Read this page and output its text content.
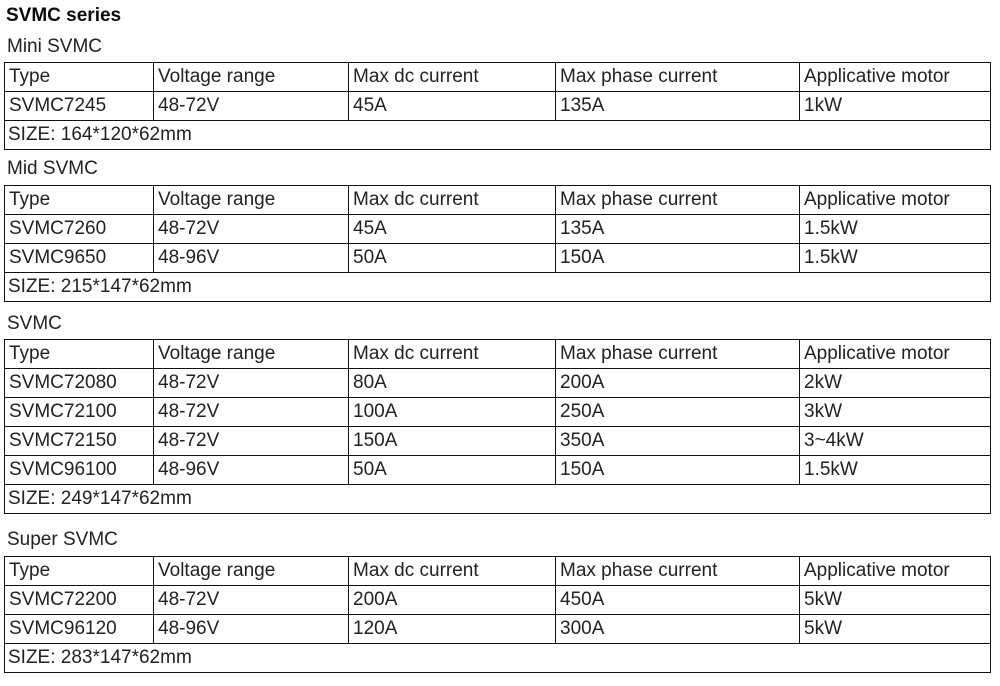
SVMC series
Mini SVMC
Type	Voltage range	Max dc current	Max phase current	Applicative motor
SVMC7245	48-72V	45A	135A	1kW
SIZE: 164*120*62mm				
Mid SVMC
Type	Voltage range	Max dc current	Max phase current	Applicative motor
SVMC7260	48-72V	45A	135A	1.5kW
SVMC9650	48-96V	50A	150A	1.5kW
SIZE: 215*147*62mm				
SVMC
Type	Voltage range	Max dc current	Max phase current	Applicative motor
SVMC72080	48-72V	80A	200A	2kW
SVMC72100	48-72V	100A	250A	3kW
SVMC72150	48-72V	150A	350A	3~4kW
SVMC96100	48-96V	50A	150A	1.5kW
SIZE: 249*147*62mm				
Super SVMC
Type	Voltage range	Max dc current	Max phase current	Applicative motor
SVMC72200	48-72V	200A	450A	5kW
SVMC96120	48-96V	120A	300A	5kW
SIZE: 283*147*62mm				
